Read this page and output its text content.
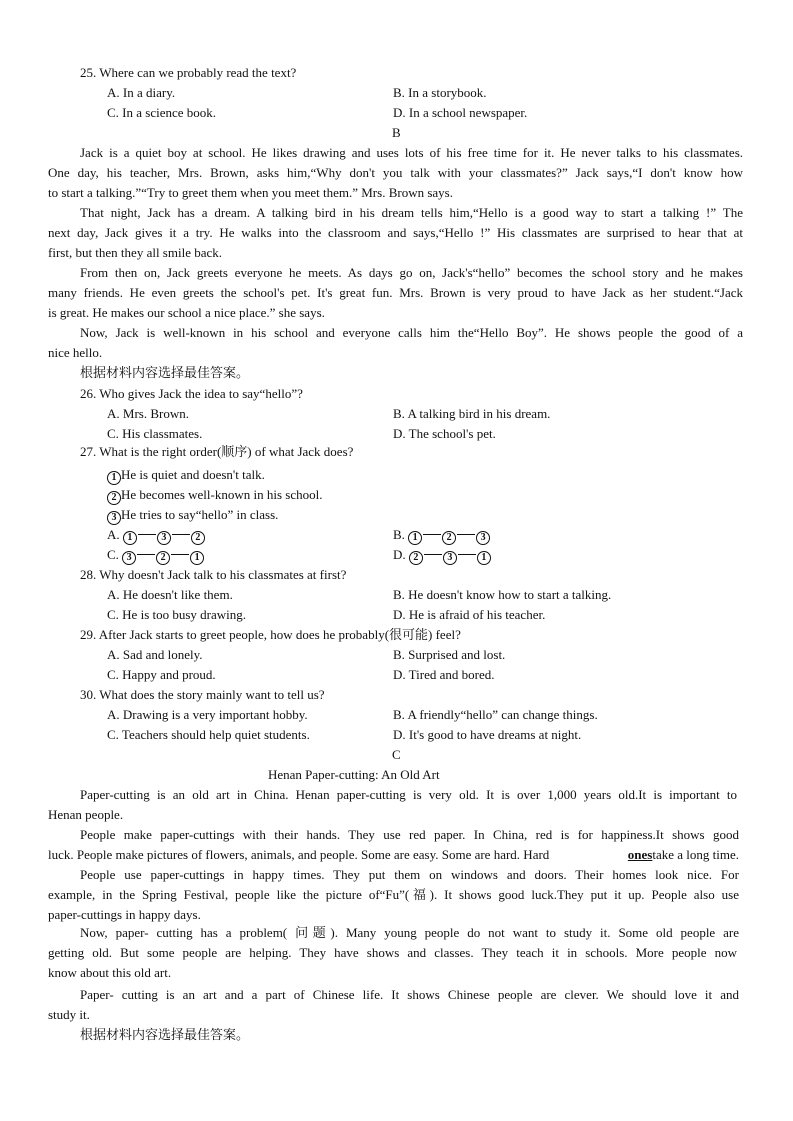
25. Where can we probably read the text?
A. In a diary.	B. In a storybook.
C. In a science book.	D. In a school newspaper.
B
Jack is a quiet boy at school. He likes drawing and uses lots of his free time for it. He never talks to his classmates.
One day, his teacher, Mrs. Brown, asks him,“Why don't you talk with your classmates?” Jack says,“I don't know how
to start a talking.”“Try to greet them when you meet them.” Mrs. Brown says.
That night, Jack has a dream. A talking bird in his dream tells him,“Hello is a good way to start a talking !” The
next day, Jack gives it a try. He walks into the classroom and says,“Hello !” His classmates are surprised to hear that at
first, but then they all smile back.
From then on, Jack greets everyone he meets. As days go on, Jack's“hello” becomes the school story and he makes
many friends. He even greets the school's pet. It's great fun. Mrs. Brown is very proud to have Jack as her student.“Jack
is great. He makes our school a nice place.” she says.
Now, Jack is well-known in his school and everyone calls him the“Hello Boy”. He shows people the good of a
nice hello.
根据材料内容选择最佳答案。
26. Who gives Jack the idea to say“hello”?
A. Mrs. Brown.	B. A talking bird in his dream.
C. His classmates.	D. The school's pet.
27. What is the right order(顺序) of what Jack does?
1 He is quiet and doesn't talk.
2 He becomes well-known in his school.
3 He tries to say“hello” in class.
A. 1	3	2	B. 1	2	3
C. 3	2	1	D. 2	3	1
28. Why doesn't Jack talk to his classmates at first?
A. He doesn't like them.	B. He doesn't know how to start a talking.
C. He is too busy drawing.	D. He is afraid of his teacher.
29. After Jack starts to greet people, how does he probably(很可能) feel?
A. Sad and lonely.	B. Surprised and lost.
C. Happy and proud.	D. Tired and bored.
30. What does the story mainly want to tell us?
A. Drawing is a very important hobby.	B. A friendly“hello” can change things.
C. Teachers should help quiet students.	D. It's good to have dreams at night.
C
Henan Paper-cutting: An Old Art
Paper-cutting is an old art in China. Henan paper-cutting is very old. It is over 1,000 years old.It is important to
Henan people.
People make paper-cuttings with their hands. They use red paper. In China, red is for happiness.It shows good
luck. People make pictures of flowers, animals, and people. Some are easy. Some are hard. Hard	onestake a long time.
People use paper-cuttings in happy times. They put them on windows and doors. Their homes look nice. For
example, in the Spring Festival, people like the picture of“Fu”(福). It shows good luck.They put it up. People also use
paper-cuttings in happy days.
Now, paper- cutting has a problem( 问题). Many young people do not want to study it. Some old people are
getting old. But some people are helping. They have shows and classes. They teach it in schools. More people now
know about this old art.
Paper- cutting is an art and a part of Chinese life. It shows Chinese people are clever. We should love it and
study it.
根据材料内容选择最佳答案。
